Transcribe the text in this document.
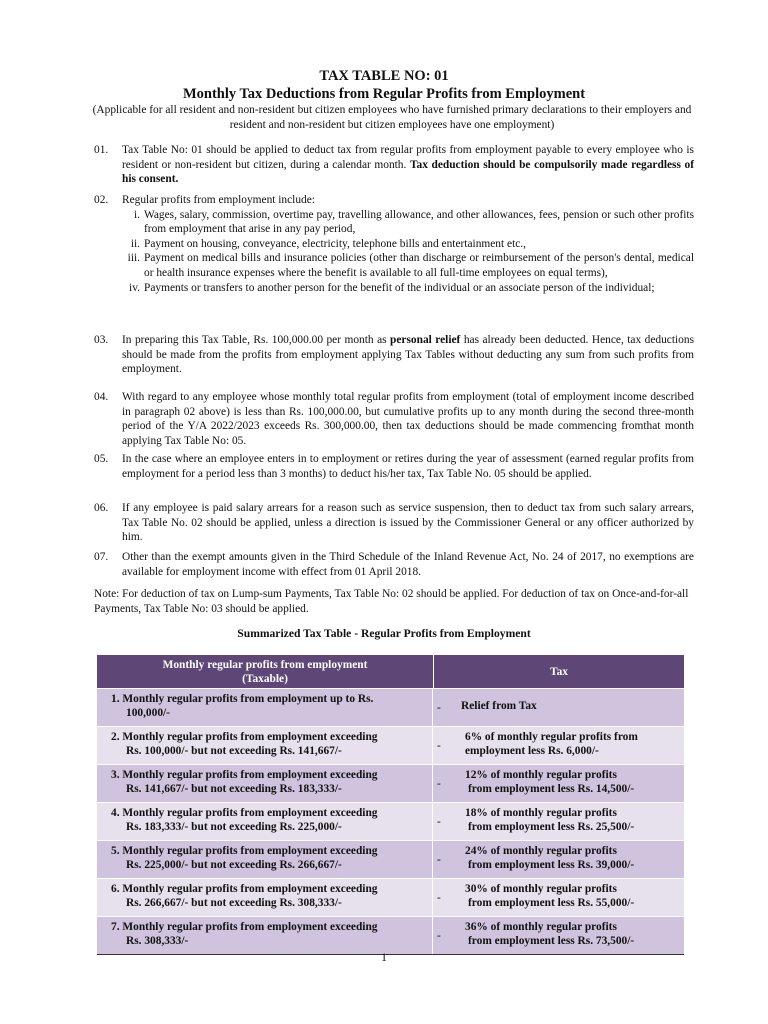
TAX TABLE NO: 01
Monthly Tax Deductions from Regular Profits from Employment
(Applicable for all resident and non-resident but citizen employees who have furnished primary declarations to their employers and resident and non-resident but citizen employees have one employment)
01. Tax Table No: 01 should be applied to deduct tax from regular profits from employment payable to every employee who is resident or non-resident but citizen, during a calendar month. Tax deduction should be compulsorily made regardless of his consent.
02. Regular profits from employment include:
i. Wages, salary, commission, overtime pay, travelling allowance, and other allowances, fees, pension or such other profits from employment that arise in any pay period,
ii. Payment on housing, conveyance, electricity, telephone bills and entertainment etc.,
iii. Payment on medical bills and insurance policies (other than discharge or reimbursement of the person's dental, medical or health insurance expenses where the benefit is available to all full-time employees on equal terms),
iv. Payments or transfers to another person for the benefit of the individual or an associate person of the individual;
03. In preparing this Tax Table, Rs. 100,000.00 per month as personal relief has already been deducted. Hence, tax deductions should be made from the profits from employment applying Tax Tables without deducting any sum from such profits from employment.
04. With regard to any employee whose monthly total regular profits from employment (total of employment income described in paragraph 02 above) is less than Rs. 100,000.00, but cumulative profits up to any month during the second three-month period of the Y/A 2022/2023 exceeds Rs. 300,000.00, then tax deductions should be made commencing fromthat month applying Tax Table No: 05.
05. In the case where an employee enters in to employment or retires during the year of assessment (earned regular profits from employment for a period less than 3 months) to deduct his/her tax, Tax Table No. 05 should be applied.
06. If any employee is paid salary arrears for a reason such as service suspension, then to deduct tax from such salary arrears, Tax Table No. 02 should be applied, unless a direction is issued by the Commissioner General or any officer authorized by him.
07. Other than the exempt amounts given in the Third Schedule of the Inland Revenue Act, No. 24 of 2017, no exemptions are available for employment income with effect from 01 April 2018.
Note: For deduction of tax on Lump-sum Payments, Tax Table No: 02 should be applied. For deduction of tax on Once-and-for-all Payments, Tax Table No: 03 should be applied.
Summarized Tax Table - Regular Profits from Employment
Monthly regular profits from employment
(Taxable)
Tax
1. Monthly regular profits from employment up to Rs.
100,000/-	- Relief from Tax
2. Monthly regular profits from employment exceeding
Rs. 100,000/- but not exceeding Rs. 141,667/-	-
6% of monthly regular profits from
employment less Rs. 6,000/-
3. Monthly regular profits from employment exceeding
Rs. 141,667/- but not exceeding Rs. 183,333/-	-
12% of monthly regular profits
from employment less Rs. 14,500/-
4. Monthly regular profits from employment exceeding
Rs. 183,333/- but not exceeding Rs. 225,000/-	-
18% of monthly regular profits
from employment less Rs. 25,500/-
5. Monthly regular profits from employment exceeding
Rs. 225,000/- but not exceeding Rs. 266,667/-	-
24% of monthly regular profits
from employment less Rs. 39,000/-
6. Monthly regular profits from employment exceeding
Rs. 266,667/- but not exceeding Rs. 308,333/-	-
30% of monthly regular profits
from employment less Rs. 55,000/-
7. Monthly regular profits from employment exceeding
Rs. 308,333/-	-
36% of monthly regular profits
from employment less Rs. 73,500/-
1
